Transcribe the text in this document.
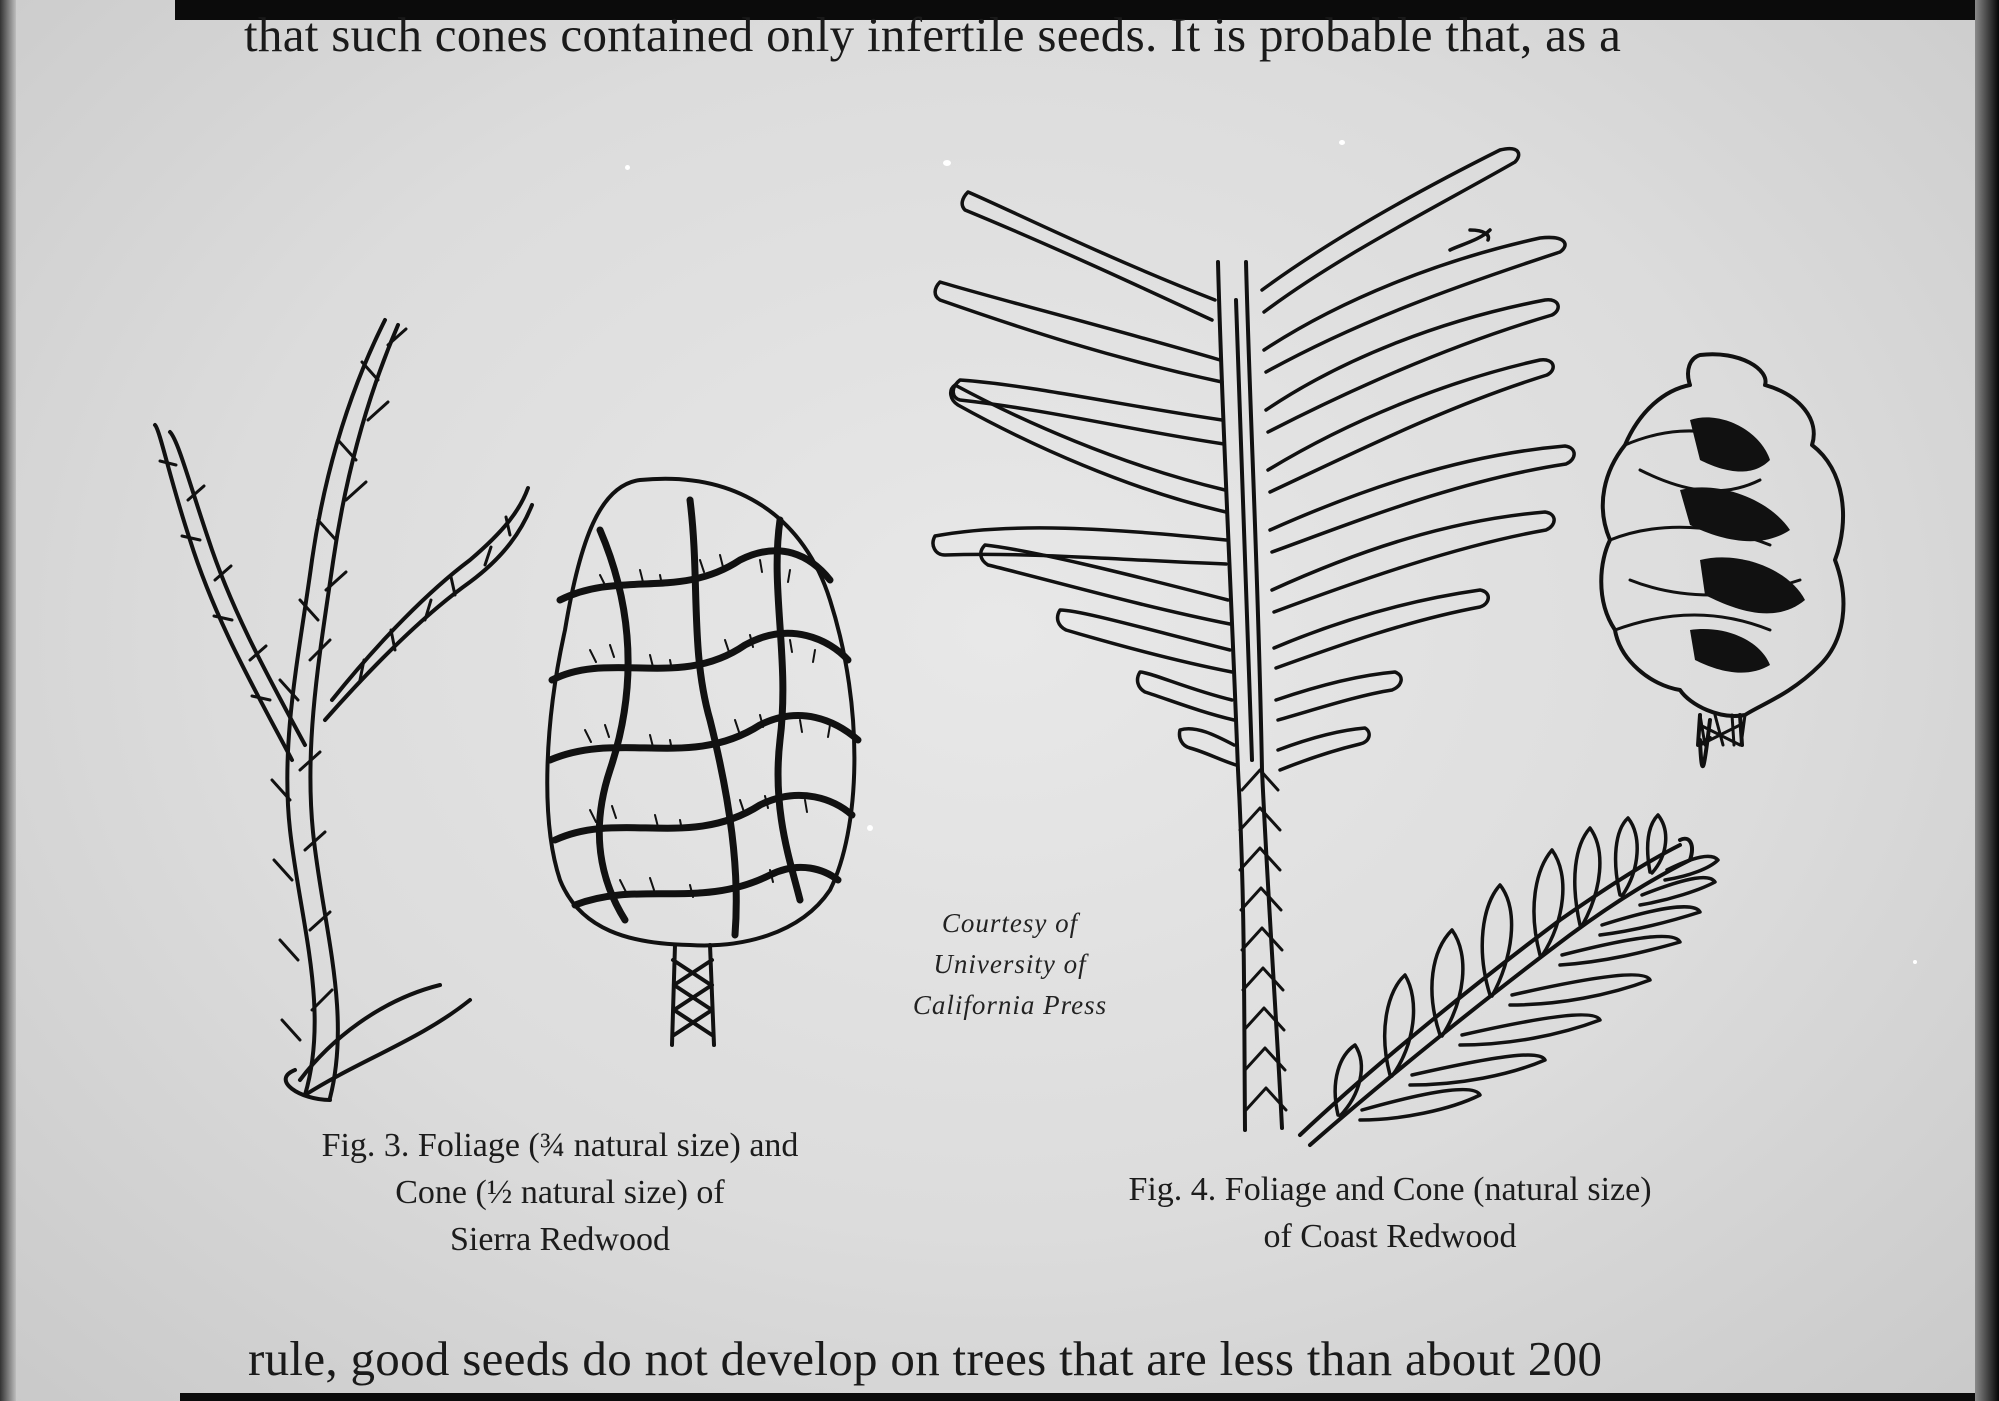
that such cones contained only infertile seeds. It is probable that, as a
Courtesy of
University of
California Press
Fig. 3. Foliage (¾ natural size) and
Cone (½ natural size) of
Sierra Redwood
Fig. 4. Foliage and Cone (natural size)
of Coast Redwood
rule, good seeds do not develop on trees that are less than about 200
